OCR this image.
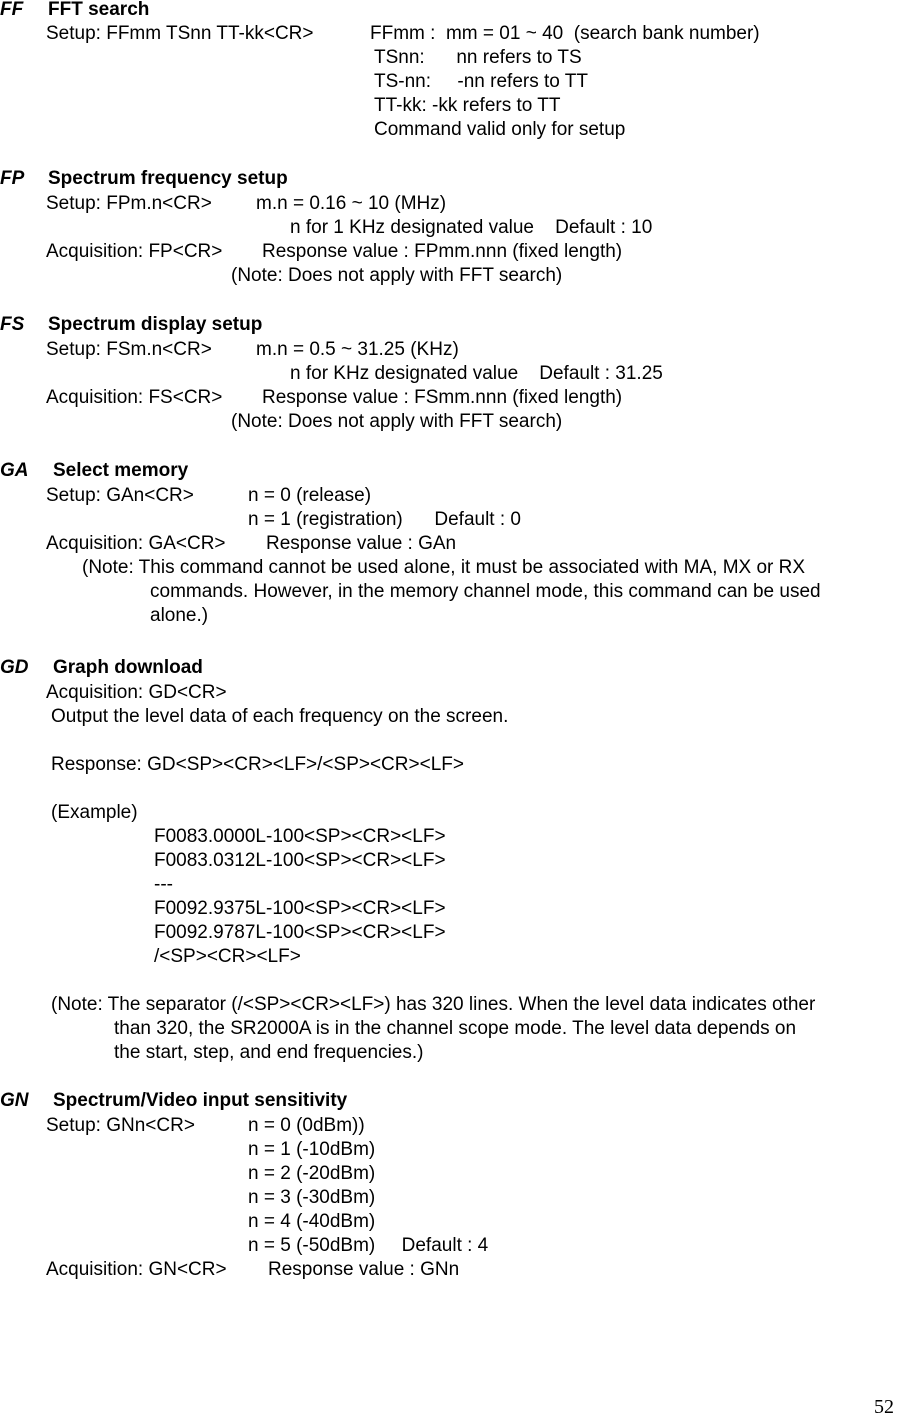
FF FFT search
Setup: FFmm TSnn TT-kk<CR>	FFmm :  mm = 01 ~ 40  (search bank number)
TSnn:      nn refers to TS
TS-nn:     -nn refers to TT
TT-kk: -kk refers to TT
Command valid only for setup
FP Spectrum frequency setup
Setup: FPm.n<CR> m.n = 0.16 ~ 10 (MHz)
n for 1 KHz designated value    Default : 10
Acquisition: FP<CR> Response value : FPmm.nnn (fixed length)
(Note: Does not apply with FFT search)
FS Spectrum display setup
Setup: FSm.n<CR> m.n = 0.5 ~ 31.25 (KHz)
n for KHz designated value    Default : 31.25
Acquisition: FS<CR> Response value : FSmm.nnn (fixed length)
(Note: Does not apply with FFT search)
GA Select memory
Setup: GAn<CR>	n = 0 (release)
n = 1 (registration)      Default : 0
Acquisition: GA<CR> Response value : GAn
(Note: This command cannot be used alone, it must be associated with MA, MX or RX
commands. However, in the memory channel mode, this command can be used
alone.)
GD Graph download
Acquisition: GD<CR>
Output the level data of each frequency on the screen.
Response: GD<SP><CR><LF>/<SP><CR><LF>
(Example)
F0083.0000L-100<SP><CR><LF>
F0083.0312L-100<SP><CR><LF>
---
F0092.9375L-100<SP><CR><LF>
F0092.9787L-100<SP><CR><LF>
/<SP><CR><LF>
(Note: The separator (/<SP><CR><LF>) has 320 lines. When the level data indicates other
than 320, the SR2000A is in the channel scope mode. The level data depends on
the start, step, and end frequencies.)
GN Spectrum/Video input sensitivity
Setup: GNn<CR>	n = 0 (0dBm))
n = 1 (-10dBm)
n = 2 (-20dBm)
n = 3 (-30dBm)
n = 4 (-40dBm)
n = 5 (-50dBm)     Default : 4
Acquisition: GN<CR> Response value : GNn
52
